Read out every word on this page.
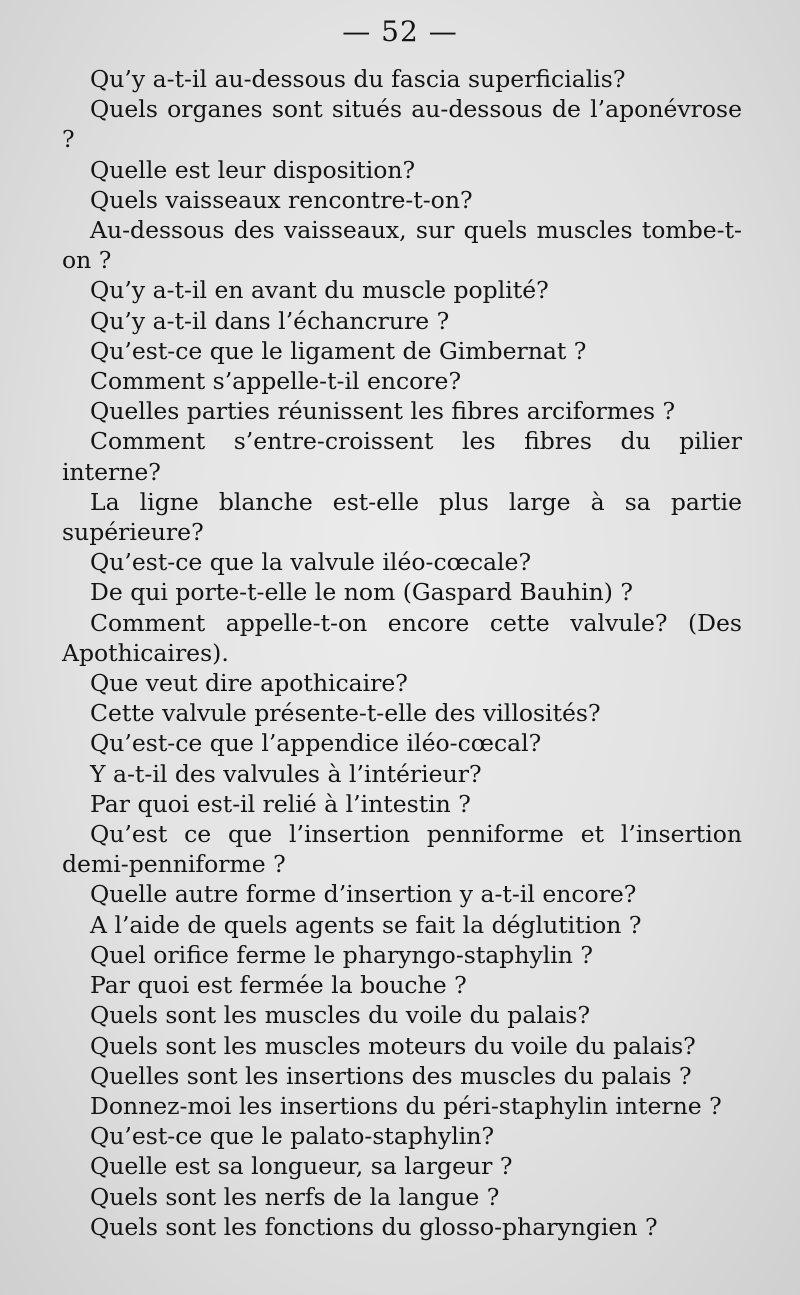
— 52 —

Qu’y a-t-il au-dessous du fascia superficialis?

Quels organes sont situés au-dessous de l’aponévrose ?

Quelle est leur disposition?

Quels vaisseaux rencontre-t-on?

Au-dessous des vaisseaux, sur quels muscles tombe-t-on ?

Qu’y a-t-il en avant du muscle poplité?

Qu’y a-t-il dans l’échancrure ?

Qu’est-ce que le ligament de Gimbernat ?

Comment s’appelle-t-il encore?

Quelles parties réunissent les fibres arciformes ?

Comment s’entre-croissent les fibres du pilier interne?

La ligne blanche est-elle plus large à sa partie supérieure?

Qu’est-ce que la valvule iléo-cœcale?

De qui porte-t-elle le nom (Gaspard Bauhin) ?

Comment appelle-t-on encore cette valvule? (Des Apothicaires).

Que veut dire apothicaire?

Cette valvule présente-t-elle des villosités?

Qu’est-ce que l’appendice iléo-cœcal?

Y a-t-il des valvules à l’intérieur?

Par quoi est-il relié à l’intestin ?

Qu’est ce que l’insertion penniforme et l’insertion demi-penniforme ?

Quelle autre forme d’insertion y a-t-il encore?

A l’aide de quels agents se fait la déglutition ?

Quel orifice ferme le pharyngo-staphylin ?

Par quoi est fermée la bouche ?

Quels sont les muscles du voile du palais?

Quels sont les muscles moteurs du voile du palais?

Quelles sont les insertions des muscles du palais ?

Donnez-moi les insertions du péri-staphylin interne ?

Qu’est-ce que le palato-staphylin?

Quelle est sa longueur, sa largeur ?

Quels sont les nerfs de la langue ?

Quels sont les fonctions du glosso-pharyngien ?
